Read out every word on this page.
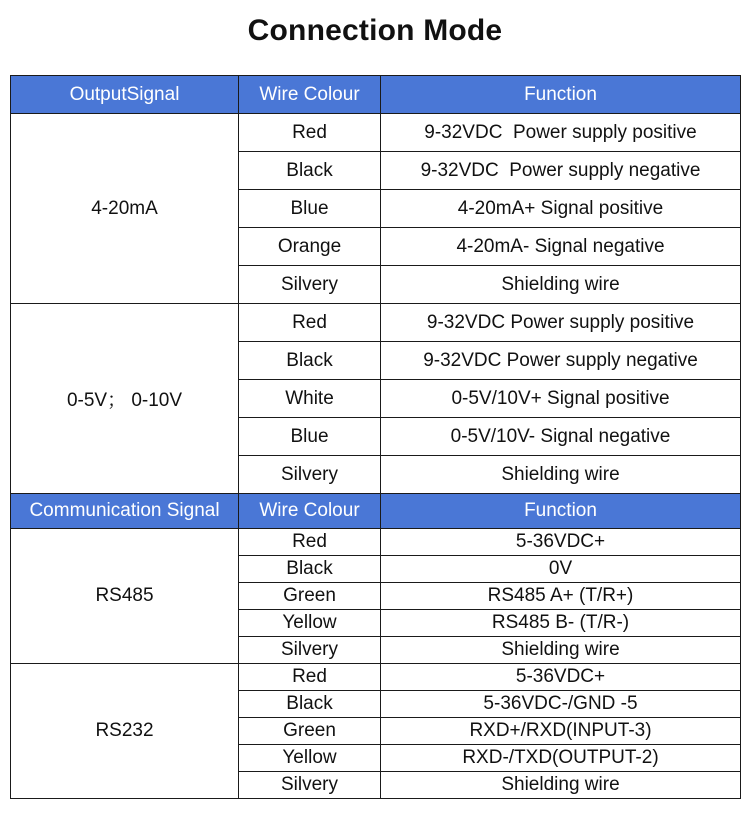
Connection Mode
OutputSignal	Wire Colour	Function
4-20mA	Red	9-32VDC  Power supply positive
	Black	9-32VDC  Power supply negative
	Blue	4-20mA+ Signal positive
	Orange	4-20mA- Signal negative
	Silvery	Shielding wire
0-5V； 0-10V	Red	9-32VDC Power supply positive
	Black	9-32VDC Power supply negative
	White	0-5V/10V+ Signal positive
	Blue	0-5V/10V- Signal negative
	Silvery	Shielding wire
Communication Signal	Wire Colour	Function
RS485	Red	5-36VDC+
	Black	0V
	Green	RS485 A+ (T/R+)
	Yellow	RS485 B- (T/R-)
	Silvery	Shielding wire
RS232	Red	5-36VDC+
	Black	5-36VDC-/GND -5
	Green	RXD+/RXD(INPUT-3)
	Yellow	RXD-/TXD(OUTPUT-2)
	Silvery	Shielding wire
